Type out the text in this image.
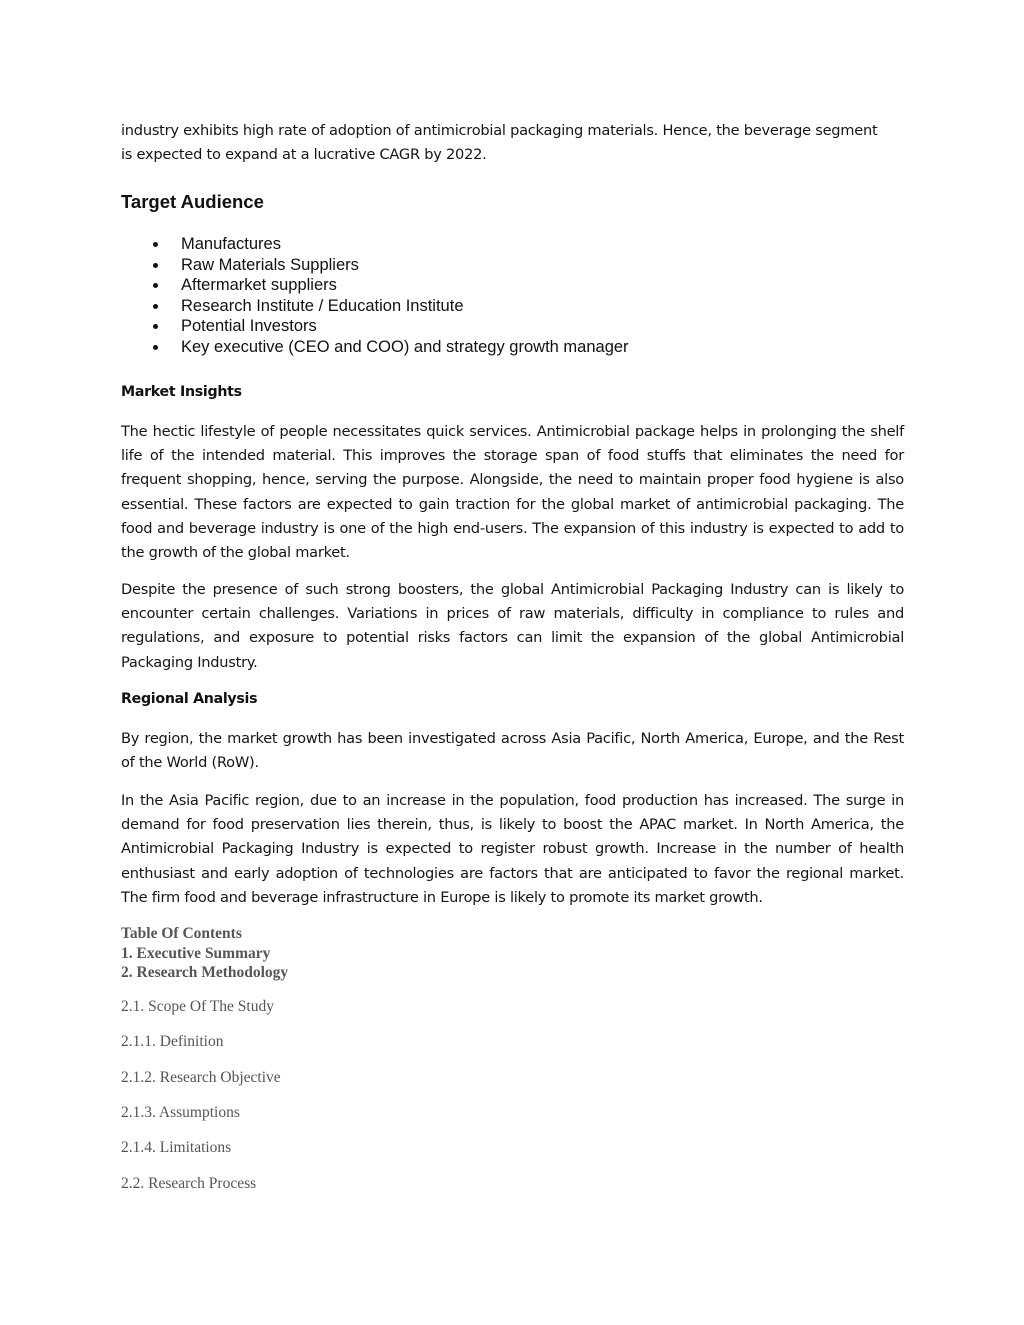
industry exhibits high rate of adoption of antimicrobial packaging materials. Hence, the beverage segment

is expected to expand at a lucrative CAGR by 2022.

Target Audience
Manufactures
Raw Materials Suppliers
Aftermarket suppliers
Research Institute / Education Institute
Potential Investors
Key executive (CEO and COO) and strategy growth manager
Market Insights

The hectic lifestyle of people necessitates quick services. Antimicrobial package helps in prolonging the shelf life of the intended material. This improves the storage span of food stuffs that eliminates the need for frequent shopping, hence, serving the purpose. Alongside, the need to maintain proper food hygiene is also essential. These factors are expected to gain traction for the global market of antimicrobial packaging. The food and beverage industry is one of the high end-users. The expansion of this industry is expected to add to the growth of the global market.

Despite the presence of such strong boosters, the global Antimicrobial Packaging Industry can is likely to encounter certain challenges. Variations in prices of raw materials, difficulty in compliance to rules and regulations, and exposure to potential risks factors can limit the expansion of the global Antimicrobial Packaging Industry.

Regional Analysis

By region, the market growth has been investigated across Asia Pacific, North America, Europe, and the Rest of the World (RoW).

In the Asia Pacific region, due to an increase in the population, food production has increased. The surge in demand for food preservation lies therein, thus, is likely to boost the APAC market. In North America, the Antimicrobial Packaging Industry is expected to register robust growth. Increase in the number of health enthusiast and early adoption of technologies are factors that are anticipated to favor the regional market. The firm food and beverage infrastructure in Europe is likely to promote its market growth.

Table Of Contents

1. Executive Summary

2. Research Methodology

2.1. Scope Of The Study

2.1.1. Definition

2.1.2. Research Objective

2.1.3. Assumptions

2.1.4. Limitations

2.2. Research Process
